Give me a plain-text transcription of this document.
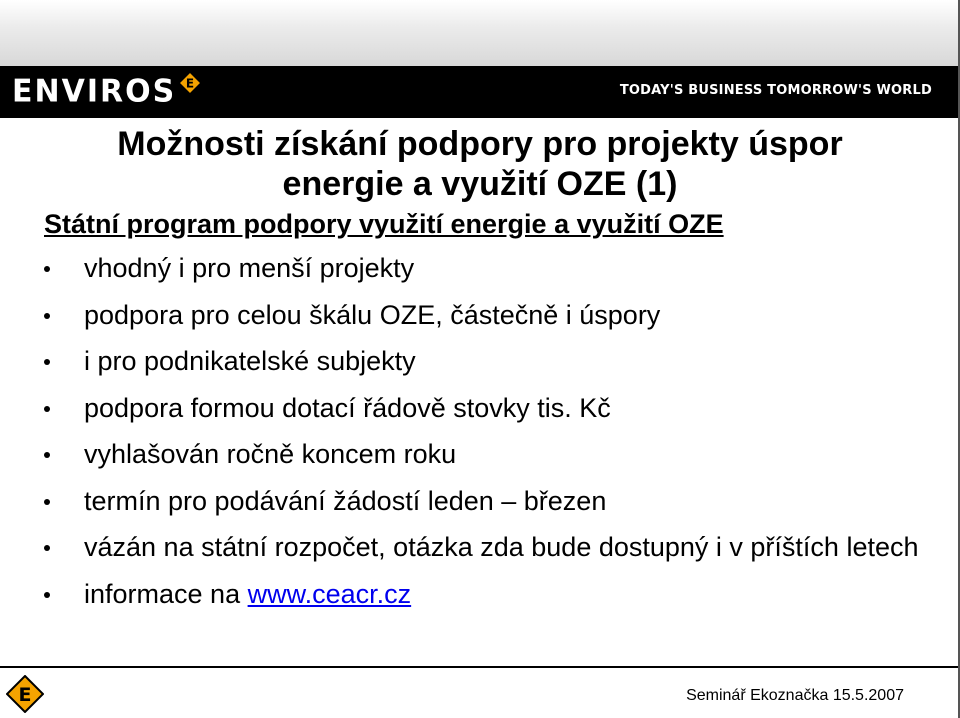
ENVIROS E	TODAY'S BUSINESS TOMORROW'S WORLD
Možnosti získání podpory pro projekty úspor
energie a využití OZE (1)
Státní program podpory využití energie a využití OZE
vhodný i pro menší projekty
podpora pro celou škálu OZE, částečně i úspory
i pro podnikatelské subjekty
podpora formou dotací řádově stovky tis. Kč
vyhlašován ročně koncem roku
termín pro podávání žádostí leden – březen
vázán na státní rozpočet, otázka zda bude dostupný i v příštích letech
informace na www.ceacr.cz
E	Seminář Ekoznačka 15.5.2007
